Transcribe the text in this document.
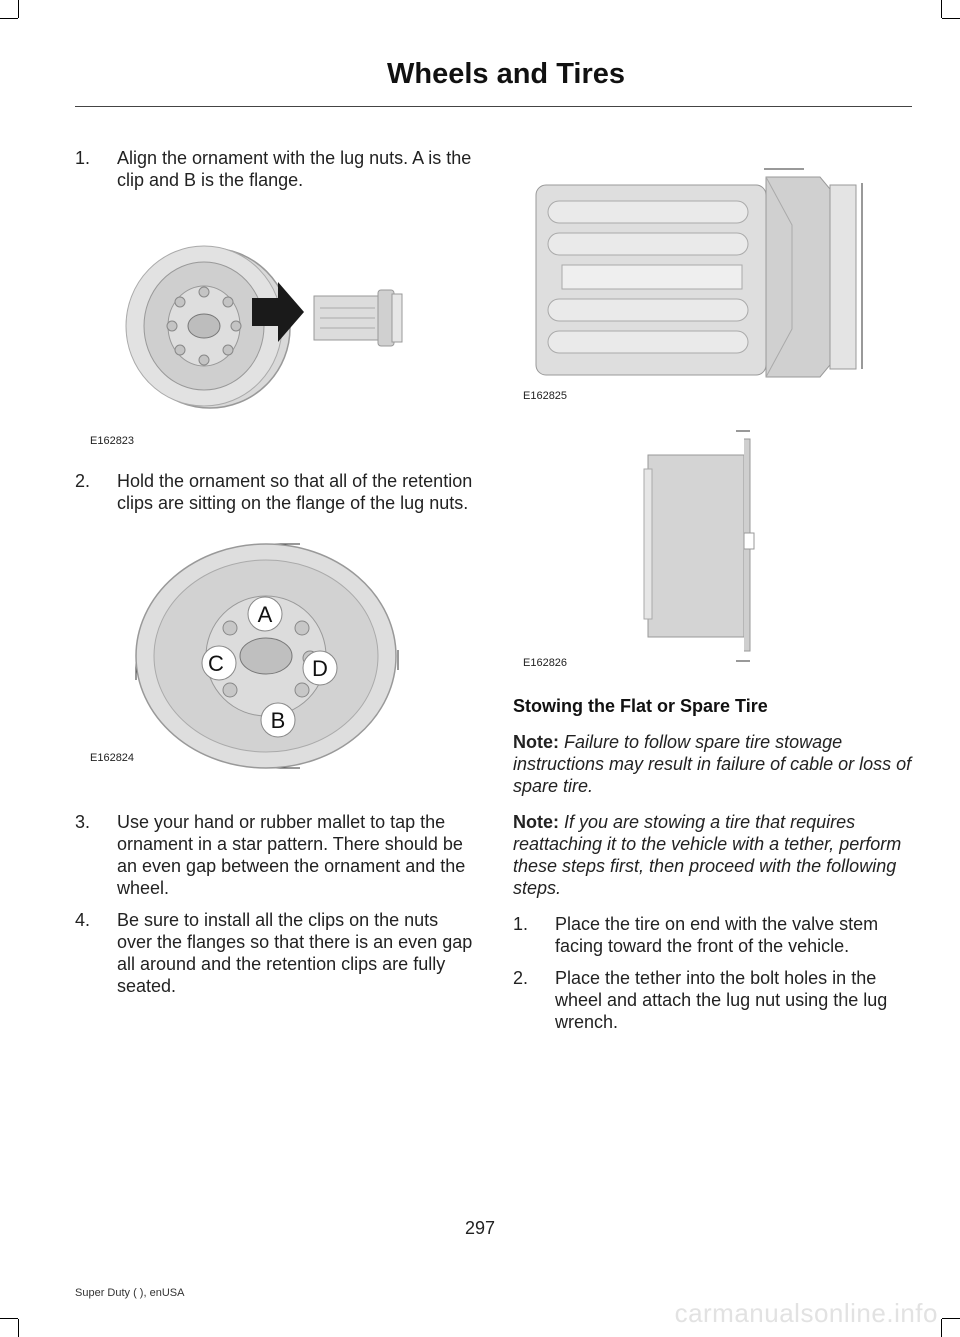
Wheels and Tires

1. Align the ornament with the lug nuts. A is the clip and B is the flange.

E162823

2. Hold the ornament so that all of the retention clips are sitting on the flange of the lug nuts.

A
B
C	D
E162824

3. Use your hand or rubber mallet to tap the ornament in a star pattern. There should be an even gap between the ornament and the wheel.

4. Be sure to install all the clips on the nuts over the flanges so that there is an even gap all around and the retention clips are fully seated.

E162825
E162826

Stowing the Flat or Spare Tire

Note: Failure to follow spare tire stowage instructions may result in failure of cable or loss of spare tire.

Note: If you are stowing a tire that requires reattaching it to the vehicle with a tether, perform these steps first, then proceed with the following steps.

1. Place the tire on end with the valve stem facing toward the front of the vehicle.

2. Place the tether into the bolt holes in the wheel and attach the lug nut using the lug wrench.

297
Super Duty ( ), enUSA
carmanualsonline.info
